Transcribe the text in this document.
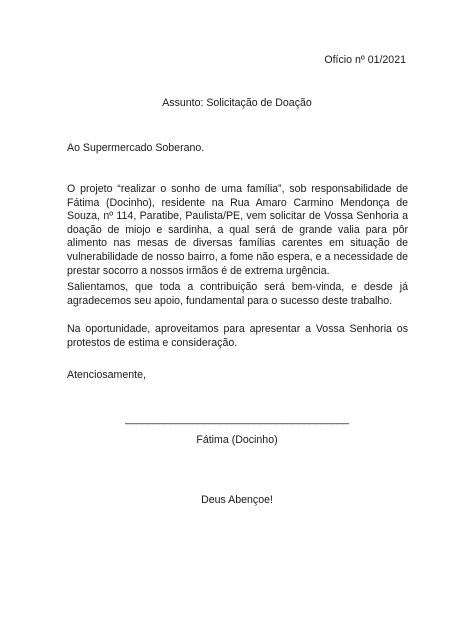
Ofício nº 01/2021
Assunto: Solicitação de Doação
Ao Supermercado Soberano.
O projeto “realizar o sonho de uma família”, sob responsabilidade de Fátima (Docinho), residente na Rua Amaro Carmino Mendonça de Souza, nº 114, Paratibe, Paulista/PE, vem solicitar de Vossa Senhoria a doação de miojo e sardinha, a qual será de grande valia para pôr alimento nas mesas de diversas famílias carentes em situação de vulnerabilidade de nosso bairro, a fome não espera, e a necessidade de prestar socorro a nossos irmãos é de extrema urgência.
Salientamos, que toda a contribuição será bem-vinda, e desde já agradecemos seu apoio, fundamental para o sucesso deste trabalho.
Na oportunidade, aproveitamos para apresentar a Vossa Senhoria os protestos de estima e consideração.
Atenciosamente,
________________________________________
Fátima (Docinho)
Deus Abençoe!
